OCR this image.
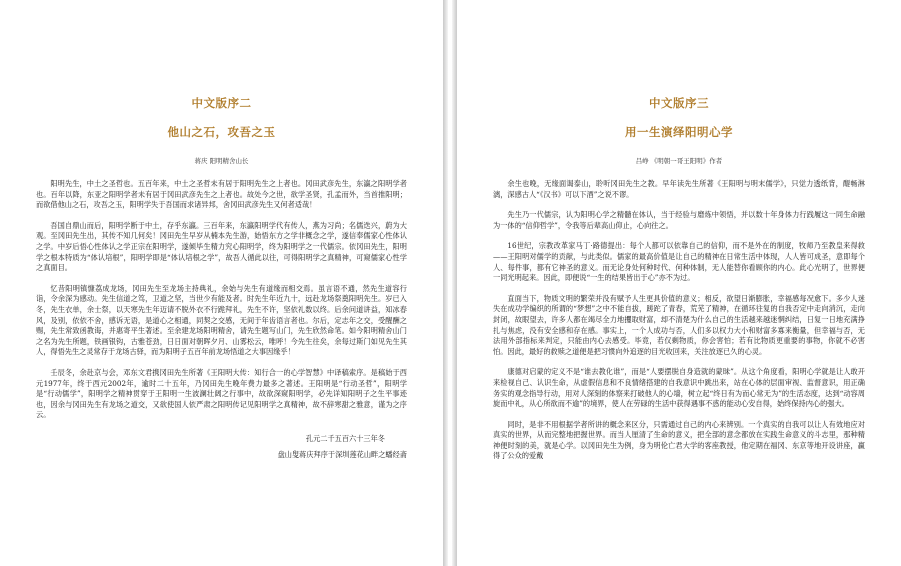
中文版序二
他山之石，攻吾之玉
蒋庆 阳明精舍山长

阳明先生，中土之圣哲也。五百年来，中土之圣哲未有居于阳明先生之上者也。冈田武彦先生，东瀛之阳明学者也。百年以降，东亚之阳明学者未有居于冈田武彦先生之上者也。故处今之世，欲学圣贤，孔孟而外，当首推阳明；而欲借他山之石，攻吾之玉，阳明学失于吾国而求诸异邦，舍冈田武彦先生又何者适哉！

吾国自鼎山而后，阳明学断于中土，存乎东瀛。三百年来，东瀛阳明学代有传人，燕为习尚；名儒迭兴，蔚为大观。至冈田先生出，其传不知几何矣！冈田先生早岁从楠本先生游，始悟东方之学非概念之学，遂信奉儒家心性体认之学。中岁后悟心性体认之学正宗在阳明学，遂倾毕生精力究心阳明学，终为阳明学之一代儒宗。依冈田先生，阳明学之根本特质为“体认培根”，阳明学即是“体认培根之学”，故吾人循此以往，可得阳明学之真精神，可窥儒家心性学之真面目。

忆昔阳明镇慷荔成龙场，冈田先生至龙场主持典礼，余始与先生有道缘而相交焉。虽言语不通，然先生道容行诣，令余深为感动。先生信道之笃，卫道之坚，当世少有能及者。时先生年近九十，远赴龙场祭奠阳明先生。岁已入冬，先生衣单，余士祭，以天寒先生年迈请不脱外衣不行跪拜礼，先生不许，坚依礼数以终。后余问道讲益，知冰春风，及别，依依不舍，感诉无语，是道心之相通，同契之交感，无间于年齿语言者也。尔后，定志年之交，受醒酬之赐，先生常致函教诲，并惠寄平生著述。至余建龙场阳明精舍，请先生题写山门，先生欣然命笔。如今阳明精舍山门之名为先生所题，铁画银钩，古雅苍劲，日日面对朝晖夕月、山雾松云，唯呼！今先生往矣，余每过斯门如见先生其人，得悟先生之灵常存于龙场古驿，而为阳明子五百年前龙场悟道之大事因缘乎！

壬辰冬，余赴京与会，邓东文君携冈田先生所著《王阳明大传：知行合一的心学智慧》中译稿索序。是稿始于西元1977年，终于西元2002年，逾时二十五年，乃冈田先生晚年费力最多之著述。王阳明是“行动圣哲”，阳明学是“行动儒学”，阳明学之精神贯穿于王阳明一生波澜壮阔之行事中，故欲深窥阳明学，必先详知阳明子之生平事迹也，因余与冈田先生有龙场之道交，又欲使国人依严肃之阳明传记见阳明学之真精神，故不辞寒甜之雅意，谨为之序云。

孔元二千五百六十三年冬

盘山叟蒋庆拜序于深圳莲花山畔之蟠经斋

中文版序三
用一生演绎阳明心学
吕峥 《明朝一哥王阳明》作者

余生也晚，无缘面谒泰山，聆听冈田先生之教。早年读先生所著《王阳明与明末儒学》，只觉力透纸背，醍畅淋漓，深感古人“《汉书》可以下酒”之说不谬。

先生乃一代儒宗，认为阳明心学之精髓在体认，当于经验与磨炼中领悟，并以数十年身体力行践履这一同生命融为一体的“信仰哲学”，令我等后辈高山仰止，心向往之。

16世纪，宗教改革家马丁·路德提出：每个人都可以依靠自己的信仰，而不是外在的制度，牧师乃至教皇来得救——王阳明对儒学的贡献，与此类似。儒家的最高价值是让自己的精神在日常生活中体现，人人皆可成圣，意即每个人、每件事，都有它神圣的意义。而无论身处何种时代、何种体制，无人能替你看顾你的内心。此心光明了，世界便一同光明起来。因此，即便说“一生的结果皆出于心”亦不为过。

直面当下，物质文明的繁荣并没有赋予人生更具价值的意义；相反，欲望日渐膨胀，幸福感每况愈下。多少人迷失在成功学编织的所谓的“梦想”之中不能自拔，蹉跎了青春，荒芜了精神，在循环往复的自我否定中走向消沉，走向封闭，故眼望去，许多人都在竭尽全力地攫取财富，却不清楚为什么自己的生活越来越迷惘纠结，日复一日地充满挣扎与焦虑，没有安全感和存在感。事实上，一个人成功与否，人们多以权力大小和财富多寡来衡量，但幸福与否，无法用外部指标来判定，只能由内心去感受。毕竟，若仅剩物质，你会害怕；若有比物质更重要的事物，你就不必害怕。因此，最好的救赎之道便是把习惯向外追逐的目光收回来，关注放逐已久的心灵。

康德对启蒙的定义不是“谁去教化谁”，而是“人要摆脱自身造就的蒙昧”。从这个角度看，阳明心学就是让人敢开来检视自己、认识生命，从虚假信息和不良情绪搭建的自我意识中跳出来，站在心体的层面审视、监督意识，用正确务实的观念指导行动，用对人深刻的体察来打破他人的心墙，树立起“终日有为而心常无为”的生活态度，达到“动容周旋而中礼，从心所欲而不逾”的境界，使人在劳碌的生活中获得遇事不惑的能动心安自得，始终保持内心的强大。

同时，是非不用根据学者所讲的概念来区分，只需通过自己的内心来辨别。一个真实的自我可以让人有效地应对真实的世界，从而完整地把握世界。而当人厘清了生命的意义，把全部的意念都放在实践生命意义的斗志里，那种精神便时刻的美，就是心学。以冈田先生为例，身为明伦亡君大学的客座教授，他定期在福冈、东京等地开设讲座，赢得了公众的爱戴
